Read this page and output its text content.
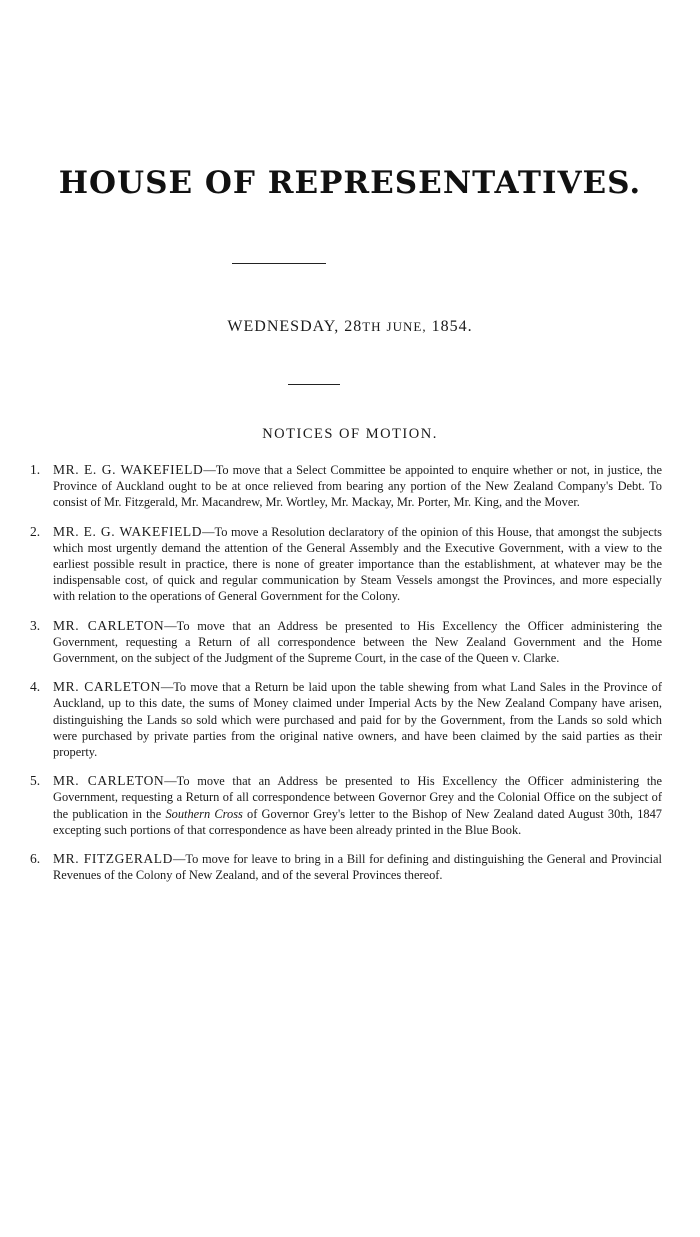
HOUSE OF REPRESENTATIVES.
WEDNESDAY, 28TH JUNE, 1854.
NOTICES OF MOTION.
1. MR. E. G. WAKEFIELD—To move that a Select Committee be appointed to enquire whether or not, in justice, the Province of Auckland ought to be at once relieved from bearing any portion of the New Zealand Company's Debt. To consist of Mr. Fitzgerald, Mr. Macandrew, Mr. Wortley, Mr. Mackay, Mr. Porter, Mr. King, and the Mover.
2. MR. E. G. WAKEFIELD—To move a Resolution declaratory of the opinion of this House, that amongst the subjects which most urgently demand the attention of the General Assembly and the Executive Government, with a view to the earliest possible result in practice, there is none of greater importance than the establishment, at whatever may be the indispensable cost, of quick and regular communication by Steam Vessels amongst the Provinces, and more especially with relation to the operations of General Government for the Colony.
3. MR. CARLETON—To move that an Address be presented to His Excellency the Officer administering the Government, requesting a Return of all correspondence between the New Zealand Government and the Home Government, on the subject of the Judgment of the Supreme Court, in the case of the Queen v. Clarke.
4. MR. CARLETON—To move that a Return be laid upon the table shewing from what Land Sales in the Province of Auckland, up to this date, the sums of Money claimed under Imperial Acts by the New Zealand Company have arisen, distinguishing the Lands so sold which were purchased and paid for by the Government, from the Lands so sold which were purchased by private parties from the original native owners, and have been claimed by the said parties as their property.
5. MR. CARLETON—To move that an Address be presented to His Excellency the Officer administering the Government, requesting a Return of all correspondence between Governor Grey and the Colonial Office on the subject of the publication in the Southern Cross of Governor Grey's letter to the Bishop of New Zealand dated August 30th, 1847 excepting such portions of that correspondence as have been already printed in the Blue Book.
6. MR. FITZGERALD—To move for leave to bring in a Bill for defining and distinguishing the General and Provincial Revenues of the Colony of New Zealand, and of the several Provinces thereof.
